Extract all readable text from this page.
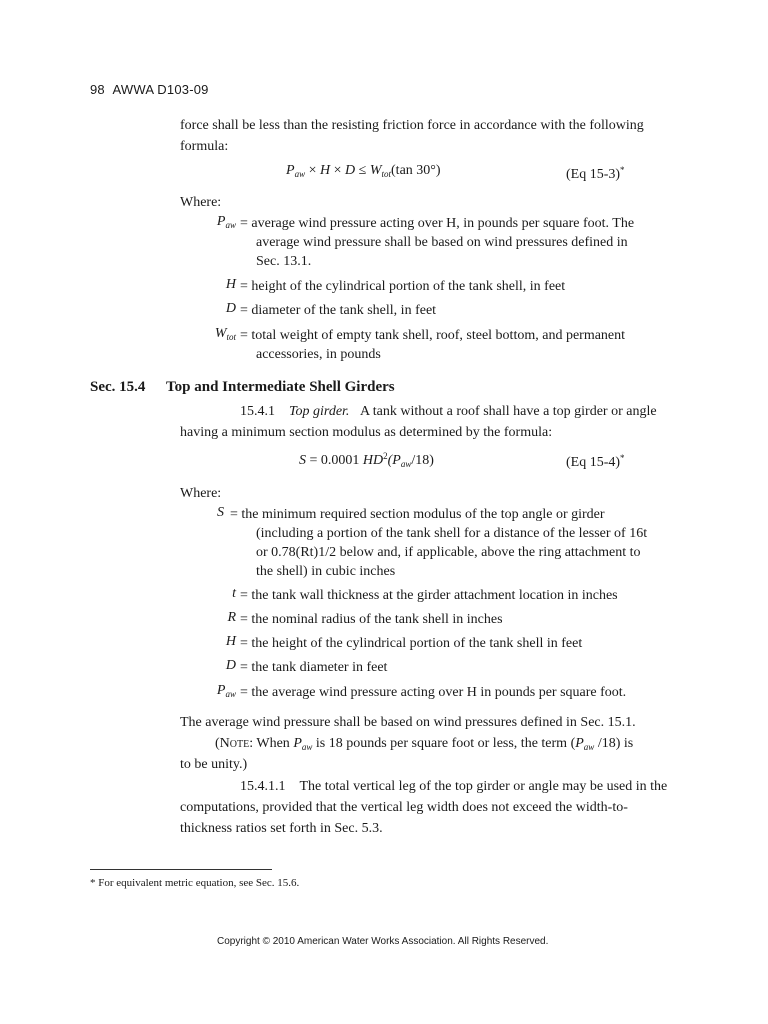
98 AWWA D103-09
force shall be less than the resisting friction force in accordance with the following
formula:
$P_{aw} \times H \times D \le W_{tot}(\tan$ 30°)	(Eq 15-3)*
Where:
$P_{aw}$ = average wind pressure acting over H, in pounds per square foot. The
average wind pressure shall be based on wind pressures defined in
Sec. 13.1.
H = height of the cylindrical portion of the tank shell, in feet
D = diameter of the tank shell, in feet
$W_{tot}$ = total weight of empty tank shell, roof, steel bottom, and permanent
accessories, in pounds
Sec. 15.4 Top and Intermediate Shell Girders
15.4.1 Top girder. A tank without a roof shall have a top girder or angle
having a minimum section modulus as determined by the formula:
S = 0.0001 $HD^2(P_{aw}/18)$	(Eq 15-4)*
Where:
S = the minimum required section modulus of the top angle or girder
(including a portion of the tank shell for a distance of the lesser of 16t
or 0.78(Rt)1/2 below and, if applicable, above the ring attachment to
the shell) in cubic inches
t = the tank wall thickness at the girder attachment location in inches
R = the nominal radius of the tank shell in inches
H = the height of the cylindrical portion of the tank shell in feet
D = the tank diameter in feet
$P_{aw}$ = the average wind pressure acting over H in pounds per square foot.
The average wind pressure shall be based on wind pressures defined in Sec. 15.1.
(Note: When $P_{aw}$ is 18 pounds per square foot or less, the term ($P_{aw}$ /18) is
to be unity.)
15.4.1.1 The total vertical leg of the top girder or angle may be used in the
computations, provided that the vertical leg width does not exceed the width-to-
thickness ratios set forth in Sec. 5.3.
* For equivalent metric equation, see Sec. 15.6.
Copyright © 2010 American Water Works Association. All Rights Reserved.
